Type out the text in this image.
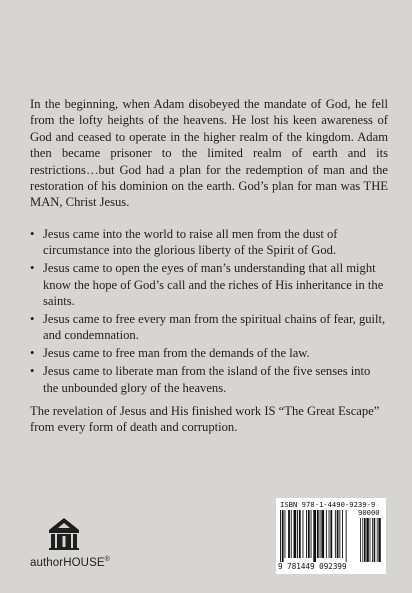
In the beginning, when Adam disobeyed the mandate of God, he fell from the lofty heights of the heavens. He lost his keen awareness of God and ceased to operate in the higher realm of the kingdom. Adam then became prisoner to the limited realm of earth and its restrictions…but God had a plan for the redemption of man and the restoration of his dominion on the earth. God’s plan for man was THE MAN, Christ Jesus.

• Jesus came into the world to raise all men from the dust of circumstance into the glorious liberty of the Spirit of God.
• Jesus came to open the eyes of man’s understanding that all might know the hope of God’s call and the riches of His inheritance in the saints.
• Jesus came to free every man from the spiritual chains of fear, guilt, and condemnation.
• Jesus came to free man from the demands of the law.
• Jesus came to liberate man from the island of the five senses into the unbounded glory of the heavens.

The revelation of Jesus and His finished work IS “The Great Escape” from every form of death and corruption.

authorHOUSE®
ISBN 978-1-4490-9239-9
90000
9 781449 092399
